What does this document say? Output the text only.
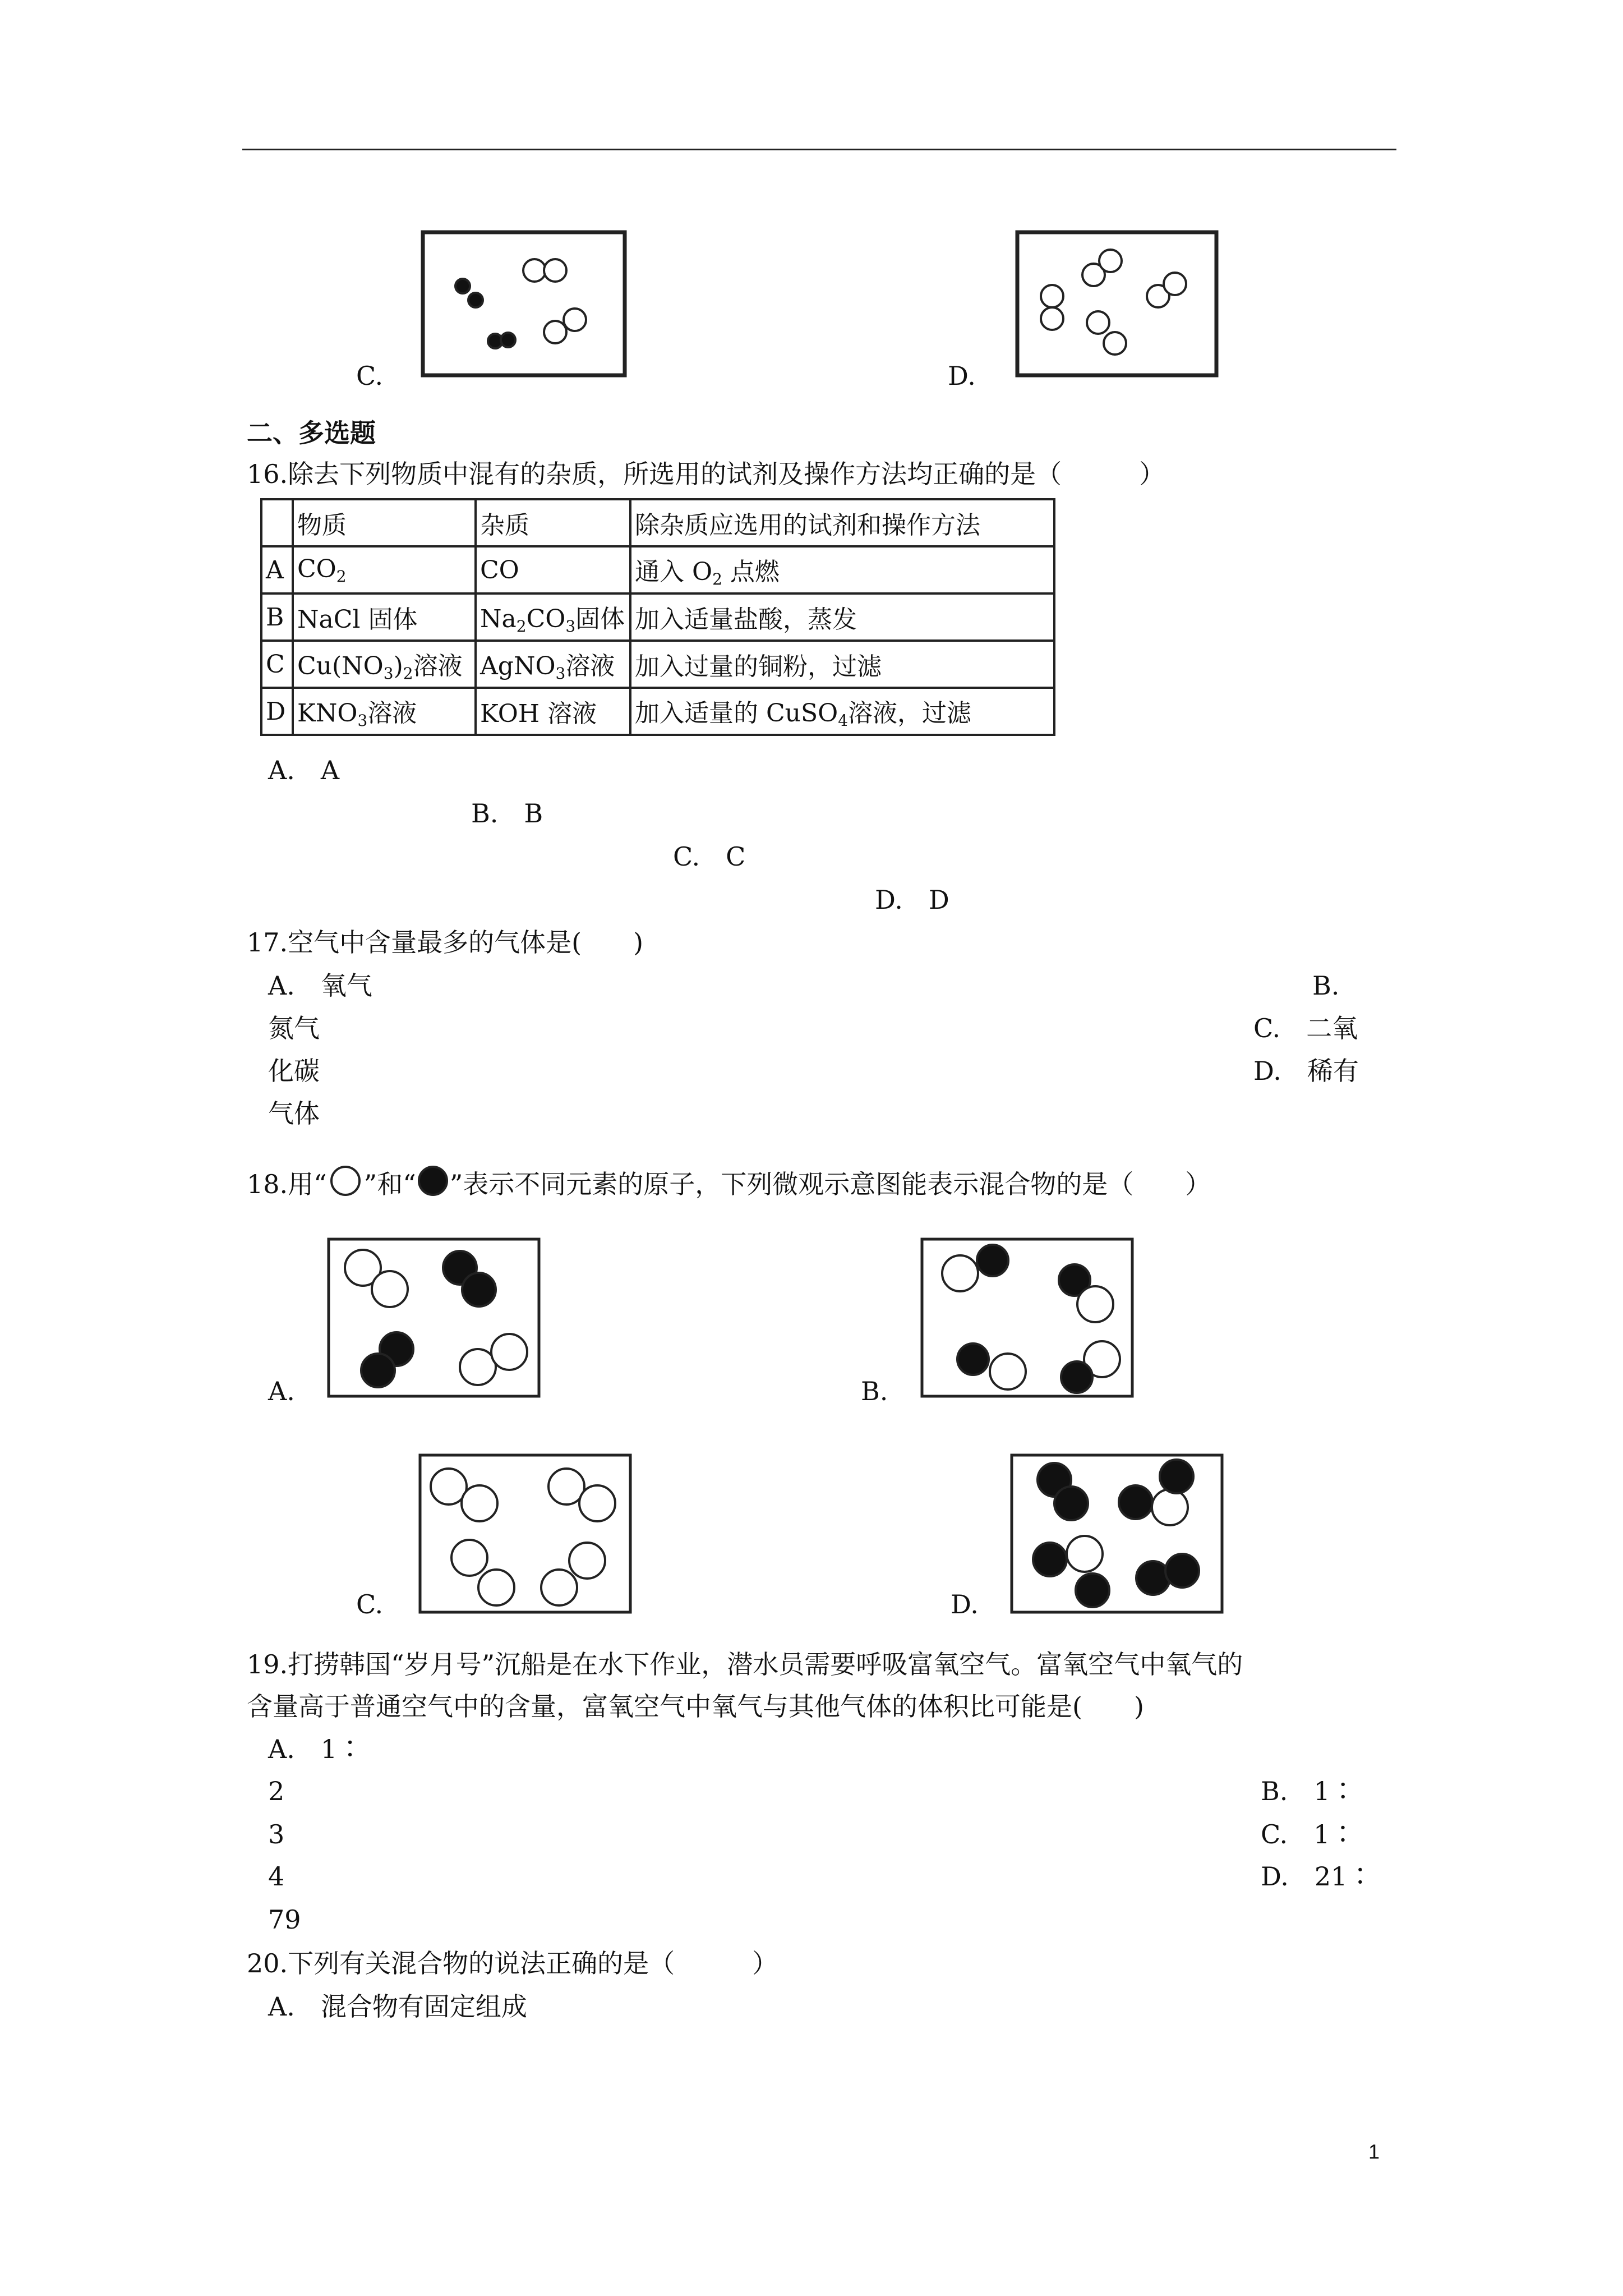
C.	D.
二、多选题
16.除去下列物质中混有的杂质，所选用的试剂及操作方法均正确的是（　　　）
	物质	杂质	除杂质应选用的试剂和操作方法
A	$CO_2$	CO	通入 $O_2$ 点燃
B	NaCl 固体	$Na_2CO_3$固体	加入适量盐酸，蒸发
C	$Cu(NO_3)_2$溶液	AgNO$_3$溶液	加入过量的铜粉，过滤
D	$KNO_3$溶液	KOH 溶液	加入适量的 CuSO$_4$溶液，过滤
A.　A
B.　B
C.　C
D.　D
17.空气中含量最多的气体是(　　)
A.　氧气	B.
氮气	C.　二氧
化碳	D.　稀有
气体
18.用“ ”和“ ”表示不同元素的原子，下列微观示意图能表示混合物的是（　　）
A.	B.
C.	D.
19.打捞韩国“岁月号”沉船是在水下作业，潜水员需要呼吸富氧空气。富氧空气中氧气的
含量高于普通空气中的含量，富氧空气中氧气与其他气体的体积比可能是(　　)
A.　1∶
2	B.　1∶
3	C.　1∶
4	D.　21∶
79
20.下列有关混合物的说法正确的是（　　　）
A.　混合物有固定组成
1
